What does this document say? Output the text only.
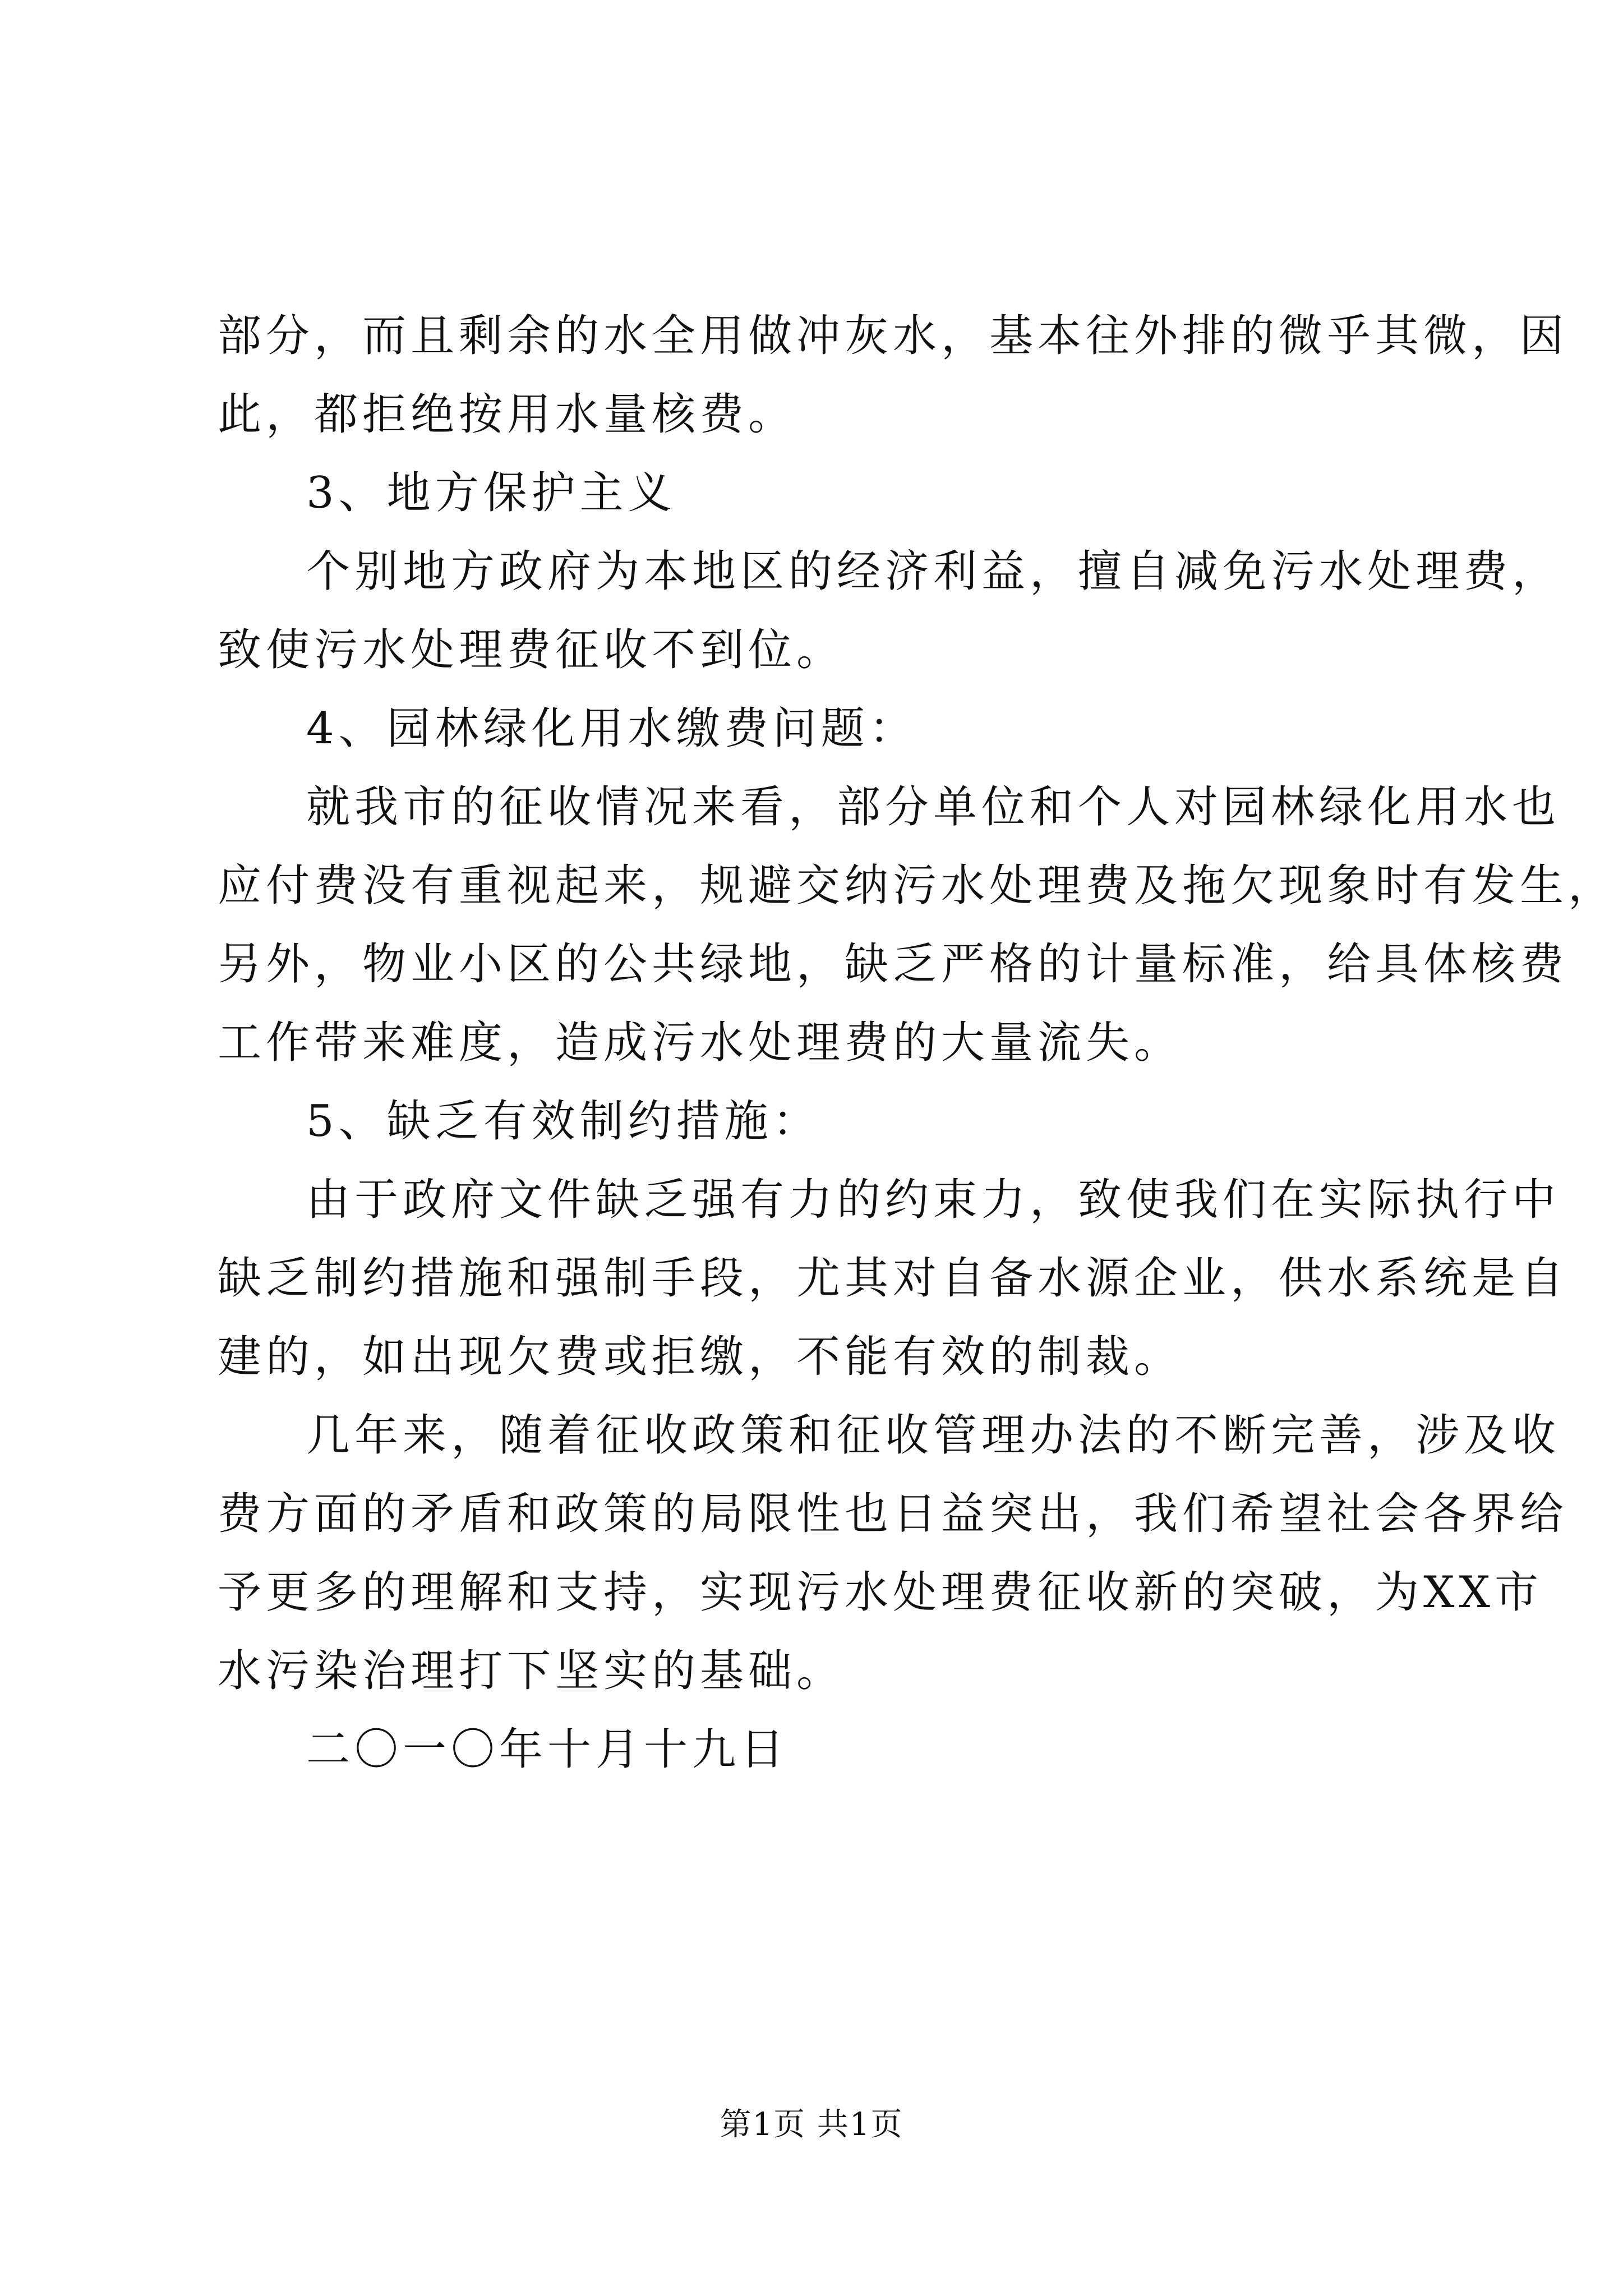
部分，而且剩余的水全用做冲灰水，基本往外排的微乎其微，因

此，都拒绝按用水量核费。

3、地方保护主义

个别地方政府为本地区的经济利益，擅自减免污水处理费，

致使污水处理费征收不到位。

4、园林绿化用水缴费问题：

就我市的征收情况来看，部分单位和个人对园林绿化用水也

应付费没有重视起来，规避交纳污水处理费及拖欠现象时有发生，

另外，物业小区的公共绿地，缺乏严格的计量标准，给具体核费

工作带来难度，造成污水处理费的大量流失。

5、缺乏有效制约措施：

由于政府文件缺乏强有力的约束力，致使我们在实际执行中

缺乏制约措施和强制手段，尤其对自备水源企业，供水系统是自

建的，如出现欠费或拒缴，不能有效的制裁。

几年来，随着征收政策和征收管理办法的不断完善，涉及收

费方面的矛盾和政策的局限性也日益突出，我们希望社会各界给

予更多的理解和支持，实现污水处理费征收新的突破，为XX市

水污染治理打下坚实的基础。

二〇一〇年十月十九日

第1页 共1页
